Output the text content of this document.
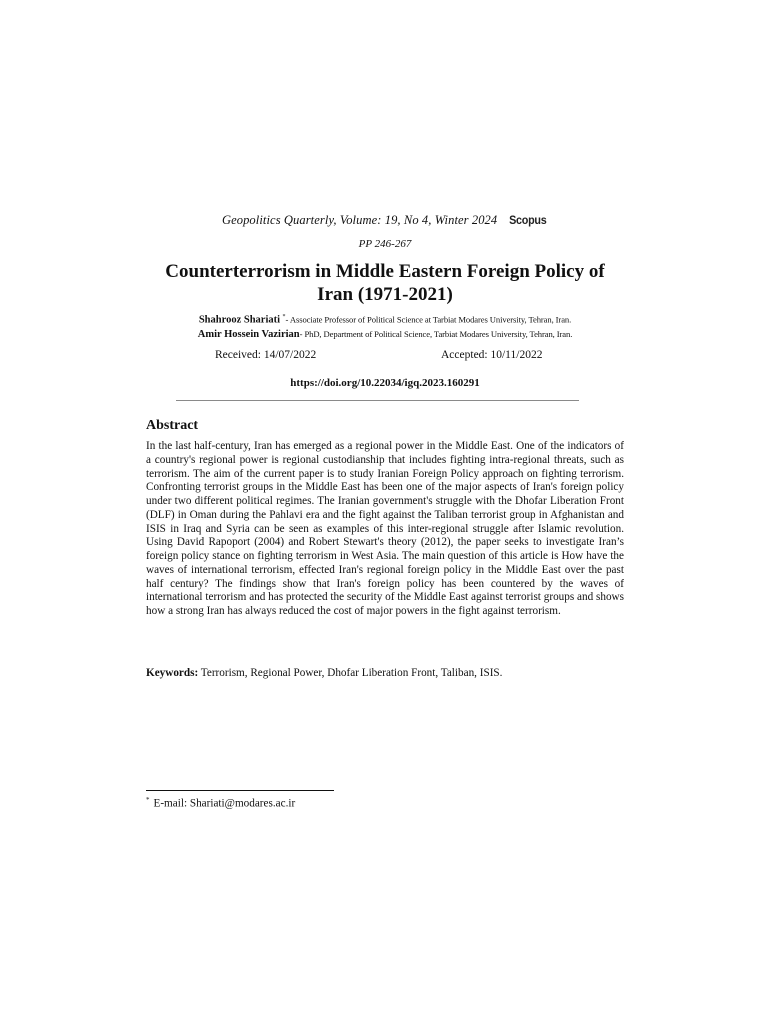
Geopolitics Quarterly, Volume: 19, No 4, Winter 2024 Scopus
PP 246-267
Counterterrorism in Middle Eastern Foreign Policy of
Iran (1971-2021)
Shahrooz Shariati *- Associate Professor of Political Science at Tarbiat Modares University, Tehran, Iran.
Amir Hossein Vazirian- PhD, Department of Political Science, Tarbiat Modares University, Tehran, Iran.
Received: 14/07/2022	Accepted: 10/11/2022
https://doi.org/10.22034/igq.2023.160291
Abstract
In the last half-century, Iran has emerged as a regional power in the Middle East. One of the indicators of a country's regional power is regional custodianship that includes fighting intra-regional threats, such as terrorism. The aim of the current paper is to study Iranian Foreign Policy approach on fighting terrorism. Confronting terrorist groups in the Middle East has been one of the major aspects of Iran's foreign policy under two different political regimes. The Iranian government's struggle with the Dhofar Liberation Front (DLF) in Oman during the Pahlavi era and the fight against the Taliban terrorist group in Afghanistan and ISIS in Iraq and Syria can be seen as examples of this inter-regional struggle after Islamic revolution. Using David Rapoport (2004) and Robert Stewart's theory (2012), the paper seeks to investigate Iran’s foreign policy stance on fighting terrorism in West Asia. The main question of this article is How have the waves of international terrorism, effected Iran's regional foreign policy in the Middle East over the past half century? The findings show that Iran's foreign policy has been countered by the waves of international terrorism and has protected the security of the Middle East against terrorist groups and shows how a strong Iran has always reduced the cost of major powers in the fight against terrorism.
Keywords: Terrorism, Regional Power, Dhofar Liberation Front, Taliban, ISIS.
* E-mail: Shariati@modares.ac.ir
